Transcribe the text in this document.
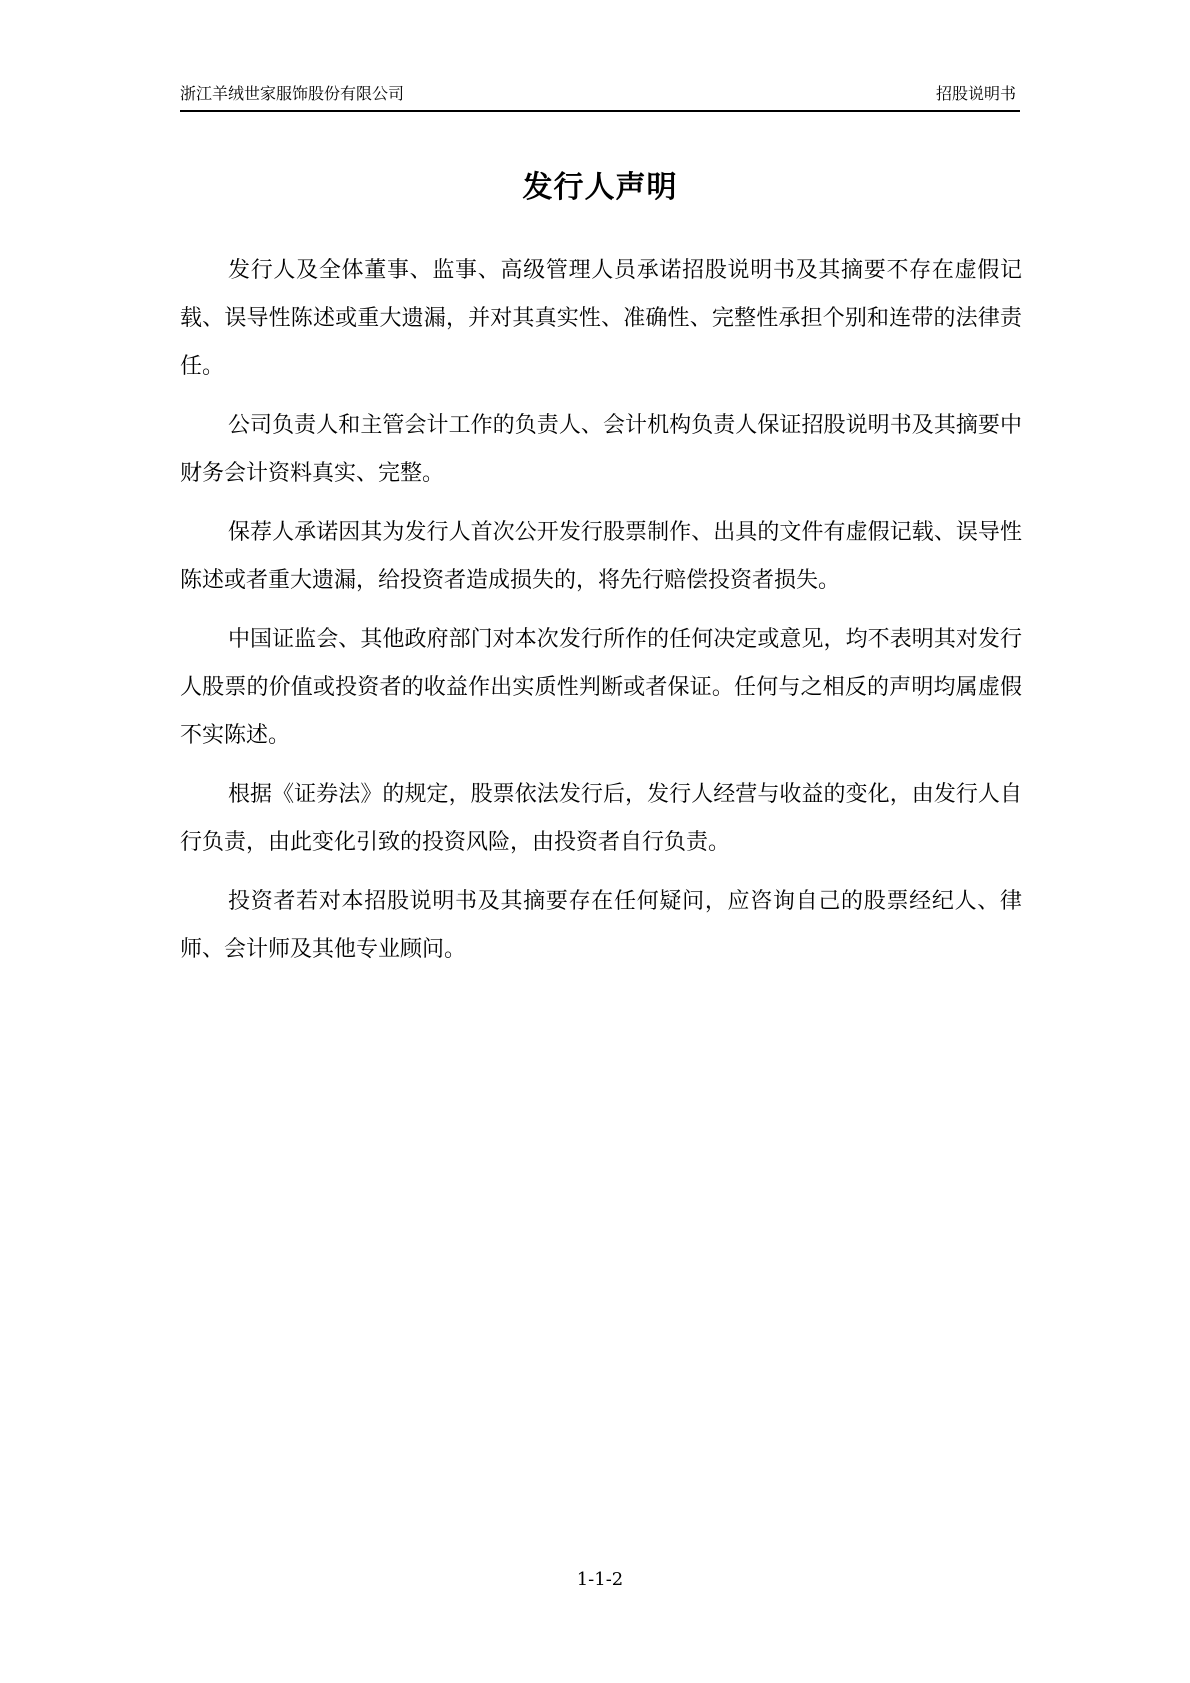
浙江羊绒世家服饰股份有限公司	招股说明书
发行人声明

发行人及全体董事、监事、高级管理人员承诺招股说明书及其摘要不存在虚假记载、误导性陈述或重大遗漏，并对其真实性、准确性、完整性承担个别和连带的法律责任。

公司负责人和主管会计工作的负责人、会计机构负责人保证招股说明书及其摘要中财务会计资料真实、完整。

保荐人承诺因其为发行人首次公开发行股票制作、出具的文件有虚假记载、误导性陈述或者重大遗漏，给投资者造成损失的，将先行赔偿投资者损失。

中国证监会、其他政府部门对本次发行所作的任何决定或意见，均不表明其对发行人股票的价值或投资者的收益作出实质性判断或者保证。任何与之相反的声明均属虚假不实陈述。

根据《证券法》的规定，股票依法发行后，发行人经营与收益的变化，由发行人自行负责，由此变化引致的投资风险，由投资者自行负责。

投资者若对本招股说明书及其摘要存在任何疑问，应咨询自己的股票经纪人、律师、会计师及其他专业顾问。

1-1-2
